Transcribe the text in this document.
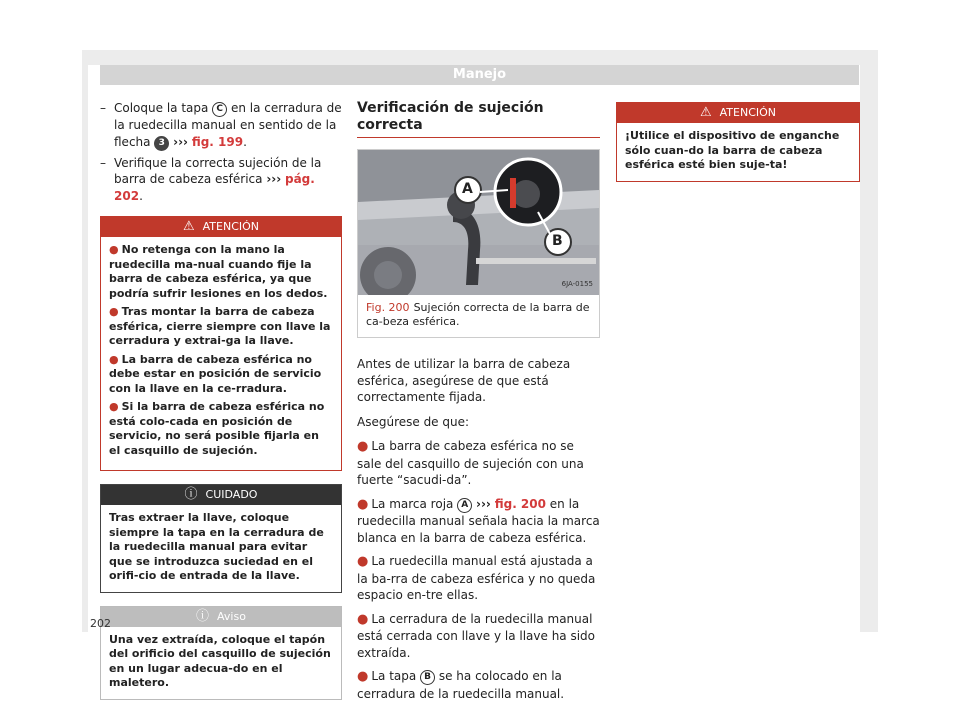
Manejo
– Coloque la tapa C en la cerradura de la ruedecilla manual en sentido de la flecha 3 ››› fig. 199.
– Verifique la correcta sujeción de la barra de cabeza esférica ››› pág. 202.
⚠ ATENCIÓN

● No retenga con la mano la ruedecilla ma-nual cuando fije la barra de cabeza esférica, ya que podría sufrir lesiones en los dedos.

● Tras montar la barra de cabeza esférica, cierre siempre con llave la cerradura y extrai-ga la llave.

● La barra de cabeza esférica no debe estar en posición de servicio con la llave en la ce-rradura.

● Si la barra de cabeza esférica no está colo-cada en posición de servicio, no será posible fijarla en el casquillo de sujeción.

ⓘ CUIDADO
Tras extraer la llave, coloque siempre la tapa en la cerradura de la ruedecilla manual para evitar que se introduzca suciedad en el orifi-cio de entrada de la llave.
ⓘ Aviso
Una vez extraída, coloque el tapón del orificio del casquillo de sujeción en un lugar adecua-do en el maletero.
Verificación de sujeción correcta
A
B
6JA-0155
Fig. 200 Sujeción correcta de la barra de ca-beza esférica.

Antes de utilizar la barra de cabeza esférica, asegúrese de que está correctamente fijada.

Asegúrese de que:

● La barra de cabeza esférica no se sale del casquillo de sujeción con una fuerte “sacudi-da”.

● La marca roja A ››› fig. 200 en la ruedecilla manual señala hacia la marca blanca en la barra de cabeza esférica.

● La ruedecilla manual está ajustada a la ba-rra de cabeza esférica y no queda espacio en-tre ellas.

● La cerradura de la ruedecilla manual está cerrada con llave y la llave ha sido extraída.

● La tapa B se ha colocado en la cerradura de la ruedecilla manual.

⚠ ATENCIÓN
¡Utilice el dispositivo de enganche sólo cuan-do la barra de cabeza esférica esté bien suje-ta!
202
